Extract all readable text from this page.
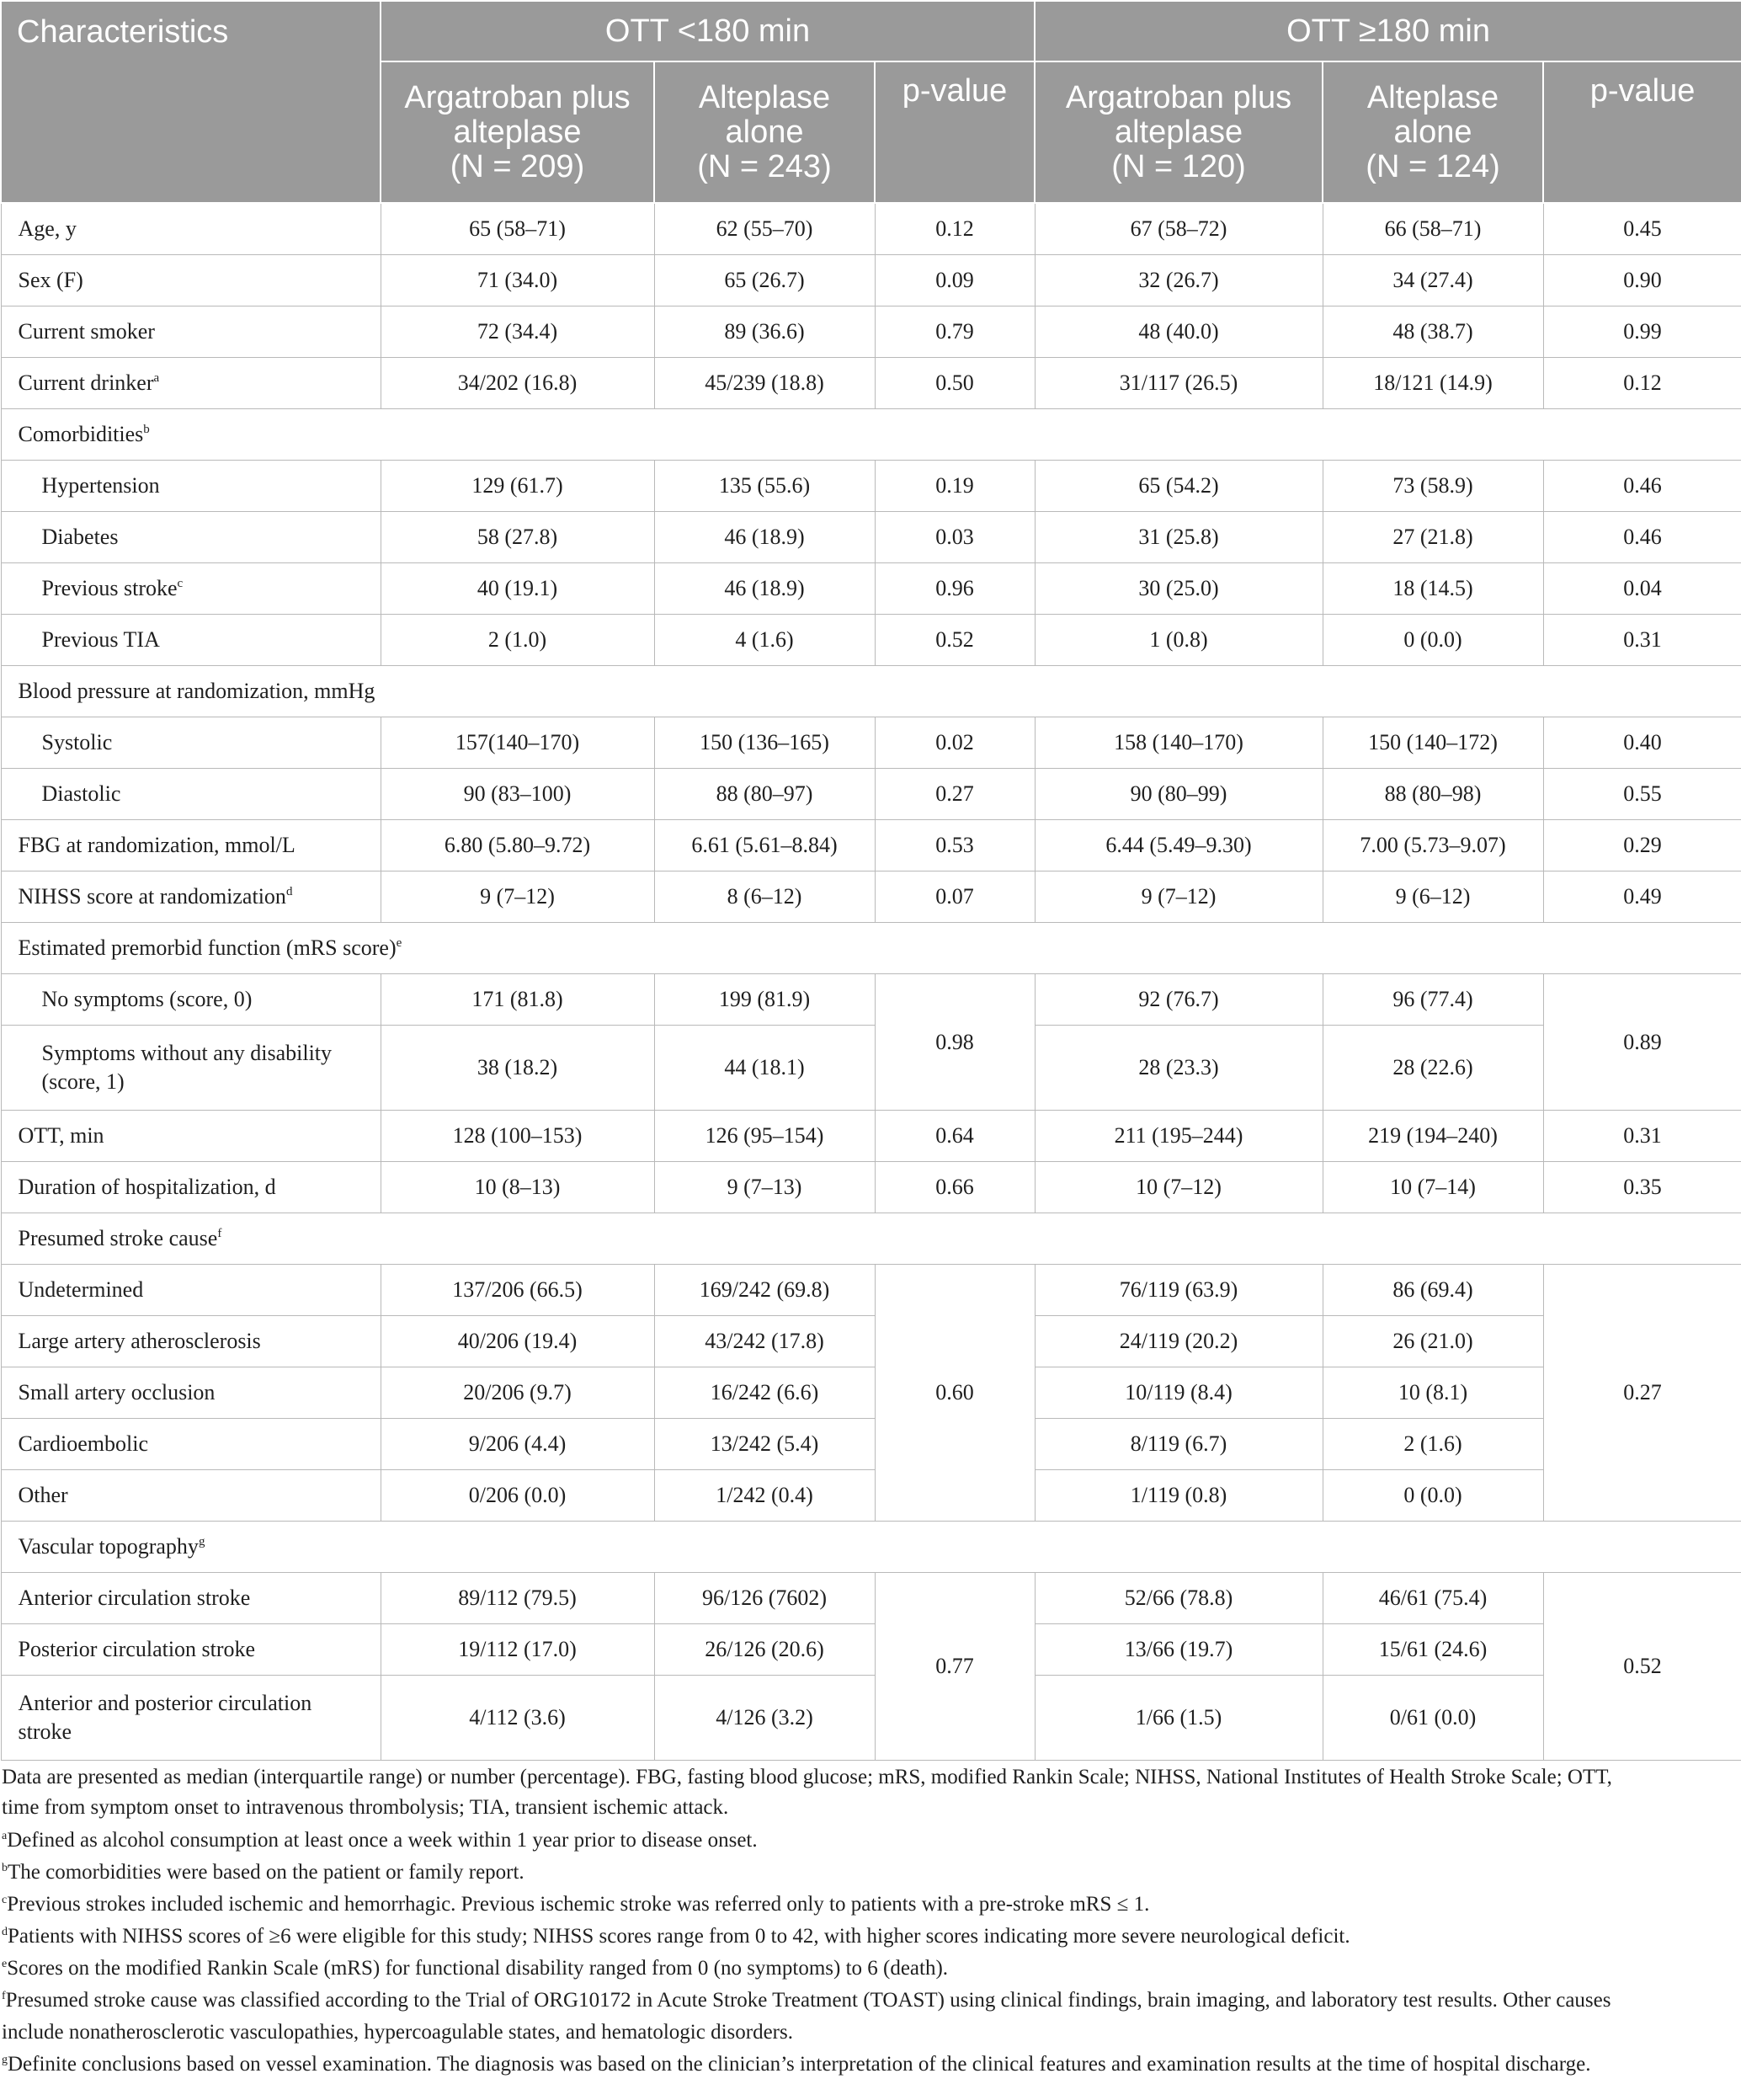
Characteristics	OTT <180 min			OTT ≥180 min		
	Argatroban plus
alteplase
(N = 209)	Alteplase
alone
(N = 243)	p-value	Argatroban plus
alteplase
(N = 120)	Alteplase
alone
(N = 124)	p-value
Age, y	65 (58–71)	62 (55–70)	0.12	67 (58–72)	66 (58–71)	0.45
Sex (F)	71 (34.0)	65 (26.7)	0.09	32 (26.7)	34 (27.4)	0.90
Current smoker	72 (34.4)	89 (36.6)	0.79	48 (40.0)	48 (38.7)	0.99
Current drinker$^a$	34/202 (16.8)	45/239 (18.8)	0.50	31/117 (26.5)	18/121 (14.9)	0.12
Comorbidities$^b$
Hypertension	129 (61.7)	135 (55.6)	0.19	65 (54.2)	73 (58.9)	0.46
Diabetes	58 (27.8)	46 (18.9)	0.03	31 (25.8)	27 (21.8)	0.46
Previous stroke$^c$	40 (19.1)	46 (18.9)	0.96	30 (25.0)	18 (14.5)	0.04
Previous TIA	2 (1.0)	4 (1.6)	0.52	1 (0.8)	0 (0.0)	0.31
Blood pressure at randomization, mmHg						
Systolic	157(140–170)	150 (136–165)	0.02	158 (140–170)	150 (140–172)	0.40
Diastolic	90 (83–100)	88 (80–97)	0.27	90 (80–99)	88 (80–98)	0.55
FBG at randomization, mmol/L	6.80 (5.80–9.72)	6.61 (5.61–8.84)	0.53	6.44 (5.49–9.30)	7.00 (5.73–9.07)	0.29
NIHSS score at randomization$^d$	9 (7–12)	8 (6–12)	0.07	9 (7–12)	9 (6–12)	0.49
Estimated premorbid function (mRS score)$^e$
No symptoms (score, 0)	171 (81.8)	199 (81.9)	0.98	92 (76.7)	96 (77.4)	0.89
Symptoms without any disability
(score, 1)	38 (18.2)	44 (18.1)		28 (23.3)	28 (22.6)	
OTT, min	128 (100–153)	126 (95–154)	0.64	211 (195–244)	219 (194–240)	0.31
Duration of hospitalization, d	10 (8–13)	9 (7–13)	0.66	10 (7–12)	10 (7–14)	0.35
Presumed stroke cause$^f$
Undetermined	137/206 (66.5)	169/242 (69.8)	0.60	76/119 (63.9)	86 (69.4)	0.27
Large artery atherosclerosis	40/206 (19.4)	43/242 (17.8)		24/119 (20.2)	26 (21.0)	
Small artery occlusion	20/206 (9.7)	16/242 (6.6)		10/119 (8.4)	10 (8.1)	
Cardioembolic	9/206 (4.4)	13/242 (5.4)		8/119 (6.7)	2 (1.6)	
Other	0/206 (0.0)	1/242 (0.4)		1/119 (0.8)	0 (0.0)	
Vascular topography$^g$
Anterior circulation stroke	89/112 (79.5)	96/126 (7602)	0.77	52/66 (78.8)	46/61 (75.4)	0.52
Posterior circulation stroke	19/112 (17.0)	26/126 (20.6)		13/66 (19.7)	15/61 (24.6)	
Anterior and posterior circulation
stroke	4/112 (3.6)	4/126 (3.2)		1/66 (1.5)	0/61 (0.0)	

Data are presented as median (interquartile range) or number (percentage). FBG, fasting blood glucose; mRS, modified Rankin Scale; NIHSS, National Institutes of Health Stroke Scale; OTT,
time from symptom onset to intravenous thrombolysis; TIA, transient ischemic attack.

$^a$Defined as alcohol consumption at least once a week within 1 year prior to disease onset.

$^b$The comorbidities were based on the patient or family report.

$^c$Previous strokes included ischemic and hemorrhagic. Previous ischemic stroke was referred only to patients with a pre-stroke mRS ≤ 1.

$^d$Patients with NIHSS scores of ≥6 were eligible for this study; NIHSS scores range from 0 to 42, with higher scores indicating more severe neurological deficit.

$^e$Scores on the modified Rankin Scale (mRS) for functional disability ranged from 0 (no symptoms) to 6 (death).

$^f$Presumed stroke cause was classified according to the Trial of ORG10172 in Acute Stroke Treatment (TOAST) using clinical findings, brain imaging, and laboratory test results. Other causes
include nonatherosclerotic vasculopathies, hypercoagulable states, and hematologic disorders.

$^g$Definite conclusions based on vessel examination. The diagnosis was based on the clinician’s interpretation of the clinical features and examination results at the time of hospital discharge.
